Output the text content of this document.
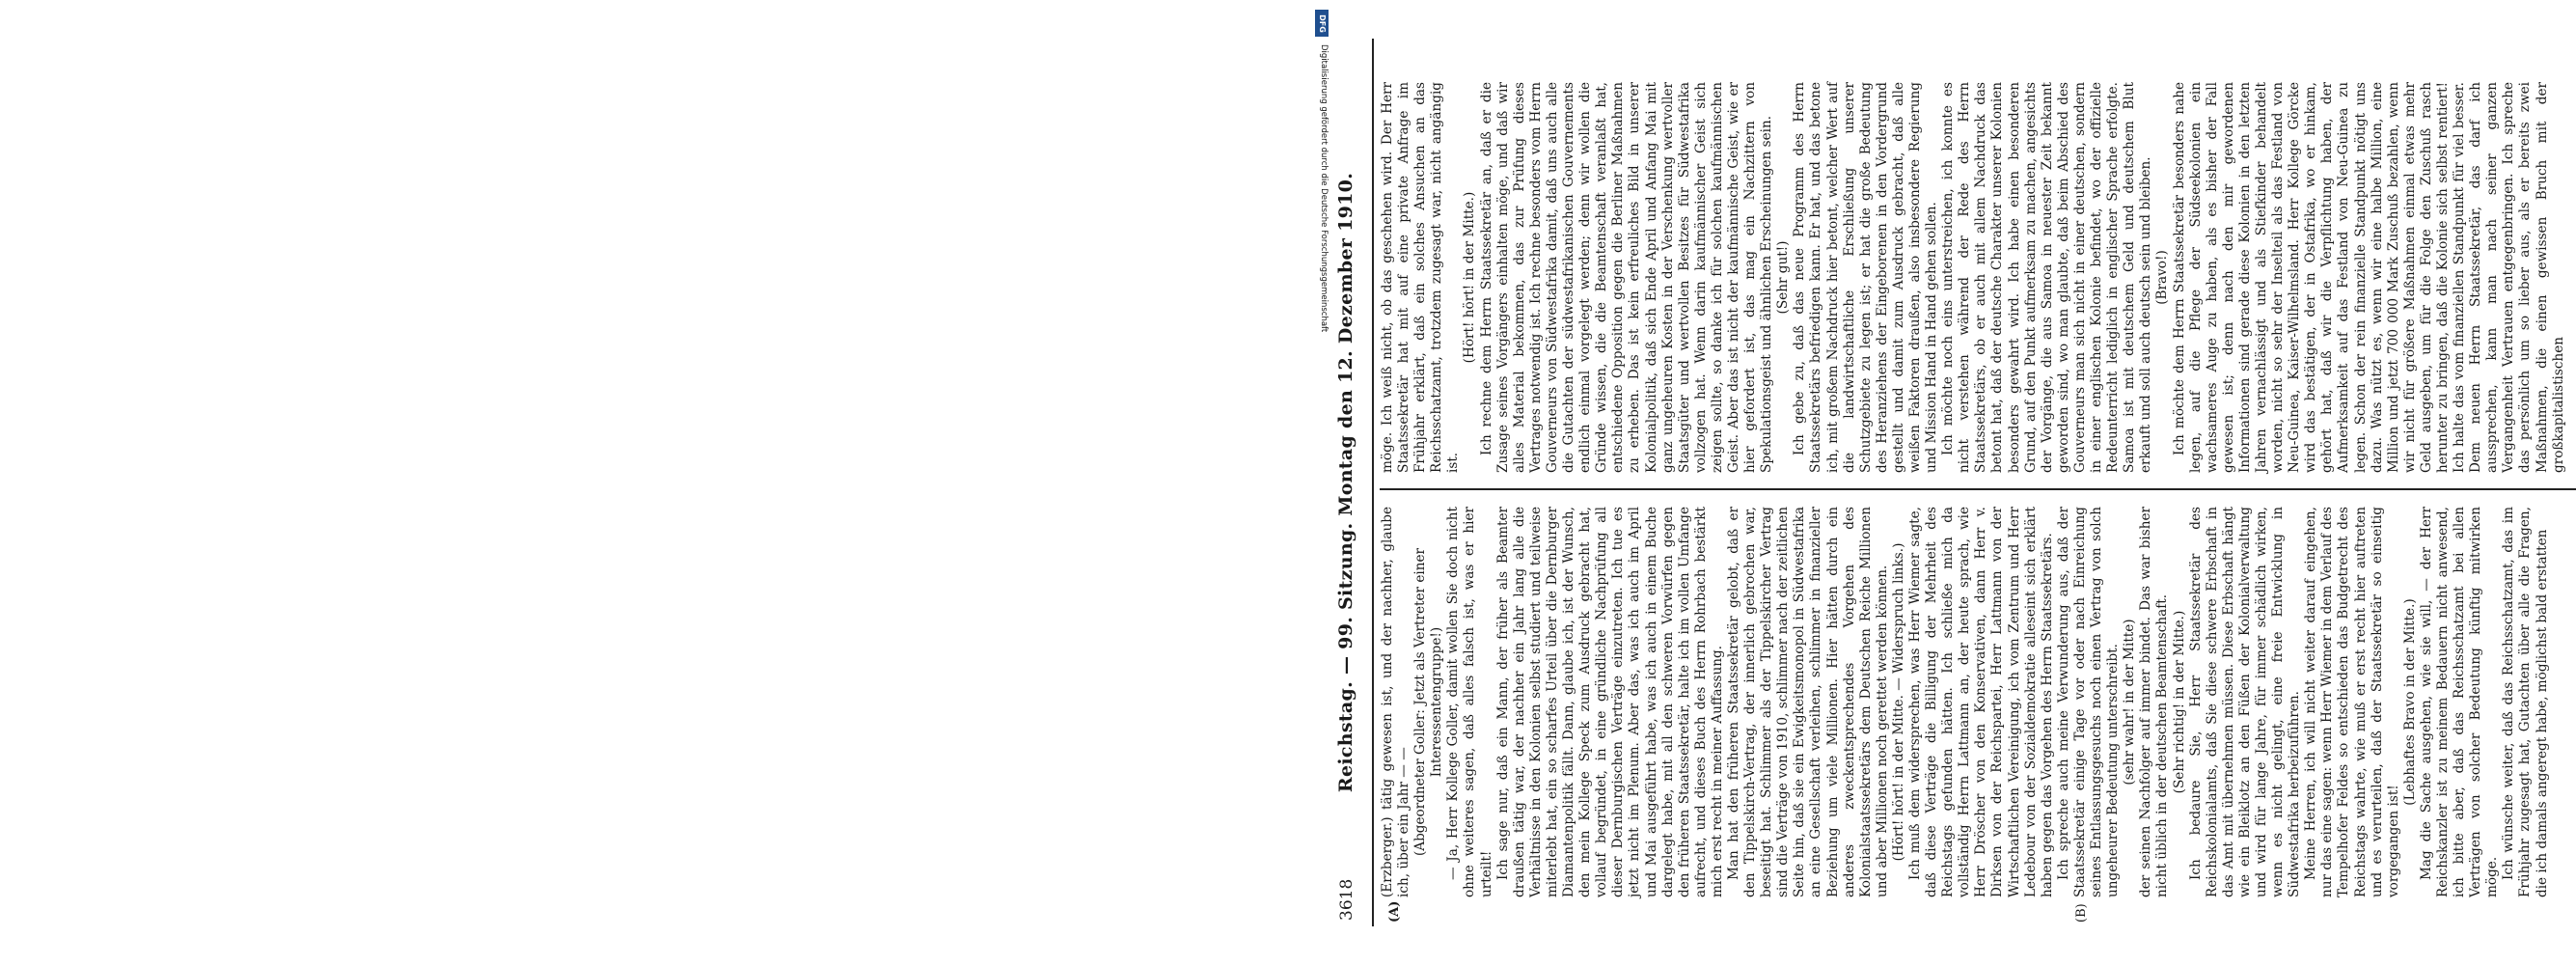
3618
Reichstag. — 99. Sitzung. Montag den 12. Dezember 1910.
(A)	(B)

(Erzberger.) tätig gewesen ist, und der nachher, glaube ich, über ein Jahr — — (Abgeordneter Goller: Jetzt als Vertreter einer Interessentengruppe!) — Ja, Herr Kollege Goller, damit wollen Sie doch nicht ohne weiteres sagen, daß alles falsch ist, was er hier urteilt! Ich sage nur, daß ein Mann, der früher als Beamter draußen tätig war, der nachher ein Jahr lang alle die Verhältnisse in den Kolonien selbst studiert und teilweise miterlebt hat, ein so scharfes Urteil über die Dernburger Diamantenpolitik fällt. Dann, glaube ich, ist der Wunsch, den mein Kollege Speck zum Ausdruck gebracht hat, vollauf begründet, in eine gründliche Nachprüfung all dieser Dernburgischen Verträge einzutreten. Ich tue es jetzt nicht im Plenum. Aber das, was ich auch im April und Mai ausgeführt habe, was ich auch in einem Buche dargelegt habe, mit all den schweren Vorwürfen gegen den früheren Staatssekretär, halte ich im vollen Umfange aufrecht, und dieses Buch des Herrn Rohrbach bestärkt mich erst recht in meiner Auffassung. Man hat den früheren Staatssekretär gelobt, daß er den Tippelskirch-Vertrag, der innerlich gebrochen war, beseitigt hat. Schlimmer als der Tippelskircher Vertrag sind die Verträge von 1910, schlimmer nach der zeitlichen Seite hin, daß sie ein Ewigkeitsmonopol in Südwestafrika an eine Gesellschaft verleihen, schlimmer in finanzieller Beziehung um viele Millionen. Hier hätten durch ein anderes zweckentsprechendes Vorgehen des Kolonialstaatssekretärs dem Deutschen Reiche Millionen und aber Millionen noch gerettet werden können. (Hört! hört! in der Mitte. — Widerspruch links.) Ich muß dem widersprechen, was Herr Wiemer sagte, daß diese Verträge die Billigung der Mehrheit des Reichstags gefunden hätten. Ich schließe mich da vollständig Herrn Lattmann an, der heute sprach, wie Herr Dröscher von den Konservativen, dann Herr v. Dirksen von der Reichspartei, Herr Lattmann von der Wirtschaftlichen Vereinigung, ich vom Zentrum und Herr Ledebour von der Sozialdemokratie alleseint sich erklärt haben gegen das Vorgehen des Herrn Staatssekretärs. Ich spreche auch meine Verwunderung aus, daß der Staatssekretär einige Tage vor oder nach Einreichung seines Entlassungsgesuchs noch einen Vertrag von solch ungeheurer Bedeutung unterschreibt. (sehr wahr! in der Mitte) der seinen Nachfolger auf immer bindet. Das war bisher nicht üblich in der deutschen Beamtenschaft. (Sehr richtig! in der Mitte.) Ich bedaure Sie, Herr Staatssekretär des Reichskolonialamts, daß Sie diese schwere Erbschaft in das Amt mit übernehmen müssen. Diese Erbschaft hängt wie ein Bleiklotz an den Füßen der Kolonialverwaltung und wird für lange Jahre, für immer schädlich wirken, wenn es nicht gelingt, eine freie Entwicklung in Südwestafrika herbeizuführen. Meine Herren, ich will nicht weiter darauf eingehen, nur das eine sagen: wenn Herr Wiemer in dem Verlauf des Tempelhofer Feldes so entschieden das Budgetrecht des Reichstags wahrte, wie muß er erst recht hier auftreten und es verurteilen, daß der Staatssekretär so einseitig vorgegangen ist!

(Lebhaftes Bravo in der Mitte.) Mag die Sache ausgehen, wie sie will, — der Herr Reichskanzler ist zu meinem Bedauern nicht anwesend, ich bitte aber, daß das Reichsschatzamt bei allen Verträgen von solcher Bedeutung künftig mitwirken möge. Ich wünsche weiter, daß das Reichsschatzamt, das im Frühjahr zugesagt hat, Gutachten über alle die Fragen, die ich damals angeregt habe, möglichst bald erstatten

möge. Ich weiß nicht, ob das geschehen wird. Der Herr Staatssekretär hat mit auf eine private Anfrage im Frühjahr erklärt, daß ein solches Ansuchen an das Reichsschatzamt, trotzdem zugesagt war, nicht angängig ist.

(Hört! hört! in der Mitte.) Ich rechne dem Herrn Staatssekretär an, daß er die Zusage seines Vorgängers einhalten möge, und daß wir alles Material bekommen, das zur Prüfung dieses Vertrages notwendig ist. Ich rechne besonders vom Herrn Gouverneurs von Südwestafrika damit, daß uns auch alle die Gutachten der südwestafrikanischen Gouvernements endlich einmal vorgelegt werden; denn wir wollen die Gründe wissen, die die Beamtenschaft veranlaßt hat, entschiedene Opposition gegen die Berliner Maßnahmen zu erheben. Das ist kein erfreuliches Bild in unserer Kolonialpolitik, daß sich Ende April und Anfang Mai mit ganz ungeheuren Kosten in der Verschenkung wertvoller Staatsgüter und wertvollen Besitzes für Südwestafrika vollzogen hat. Wenn darin kaufmännischer Geist sich zeigen sollte, so danke ich für solchen kaufmännischen Geist. Aber das ist nicht der kaufmännische Geist, wie er hier gefordert ist, das mag ein Nachzittern von Spekulationsgeist und ähnlichen Erscheinungen sein. (Sehr gut!) Ich gebe zu, daß das neue Programm des Herrn Staatssekretärs befriedigen kann. Er hat, und das betone ich, mit großem Nachdruck hier betont, welcher Wert auf die landwirtschaftliche Erschließung unserer Schutzgebiete zu legen ist; er hat die große Bedeutung des Heranziehens der Eingeborenen in den Vordergrund gestellt und damit zum Ausdruck gebracht, daß alle weißen Faktoren draußen, also insbesondere Regierung und Mission Hand in Hand gehen sollen. Ich möchte noch eins unterstreichen, ich konnte es nicht verstehen während der Rede des Herrn Staatssekretärs, ob er auch mit allem Nachdruck das betont hat, daß der deutsche Charakter unserer Kolonien besonders gewahrt wird. Ich habe einen besonderen Grund, auf den Punkt aufmerksam zu machen, angesichts der Vorgänge, die aus Samoa in neuester Zeit bekannt geworden sind, wo man glaubte, daß beim Abschied des Gouverneurs man sich nicht in einer deutschen, sondern in einer englischen Kolonie befindet, wo der offizielle Redeunterricht lediglich in englischer Sprache erfolgte. Samoa ist mit deutschem Geld und deutschem Blut erkauft und soll auch deutsch sein und bleiben. (Bravo!) Ich möchte dem Herrn Staatssekretär besonders nahe legen, auf die Pflege der Südseekolonien ein wachsameres Auge zu haben, als es bisher der Fall gewesen ist; denn nach den mir gewordenen Informationen sind gerade diese Kolonien in den letzten Jahren vernachlässigt und als Stiefkinder behandelt worden, nicht so sehr der Inselteil als das Festland von Neu-Guinea, Kaiser-Wilhelmsland. Herr Kollege Görcke wird das bestätigen, der in Ostafrika, wo er hinkam, gehört hat, daß wir die Verpflichtung haben, der Aufmerksamkeit auf das Festland von Neu-Guinea zu legen. Schon der rein finanzielle Standpunkt nötigt uns dazu. Was nützt es, wenn wir eine halbe Million, eine Million und jetzt 700 000 Mark Zuschuß bezahlen, wenn wir nicht für größere Maßnahmen einmal etwas mehr Geld ausgeben, um für die Folge den Zuschuß rasch herunter zu bringen, daß die Kolonie sich selbst rentiert! Ich halte das vom finanziellen Standpunkt für viel besser. Dem neuen Herrn Staatssekretär, das darf ich aussprechen, kann man nach seiner ganzen Vergangenheit Vertrauen entgegenbringen. Ich spreche das persönlich um so lieber aus, als er bereits zwei Maßnahmen, die einen gewissen Bruch mit der großkapitalistischen

DFG
Digitalisierung gefördert durch die Deutsche Forschungsgemeinschaft
